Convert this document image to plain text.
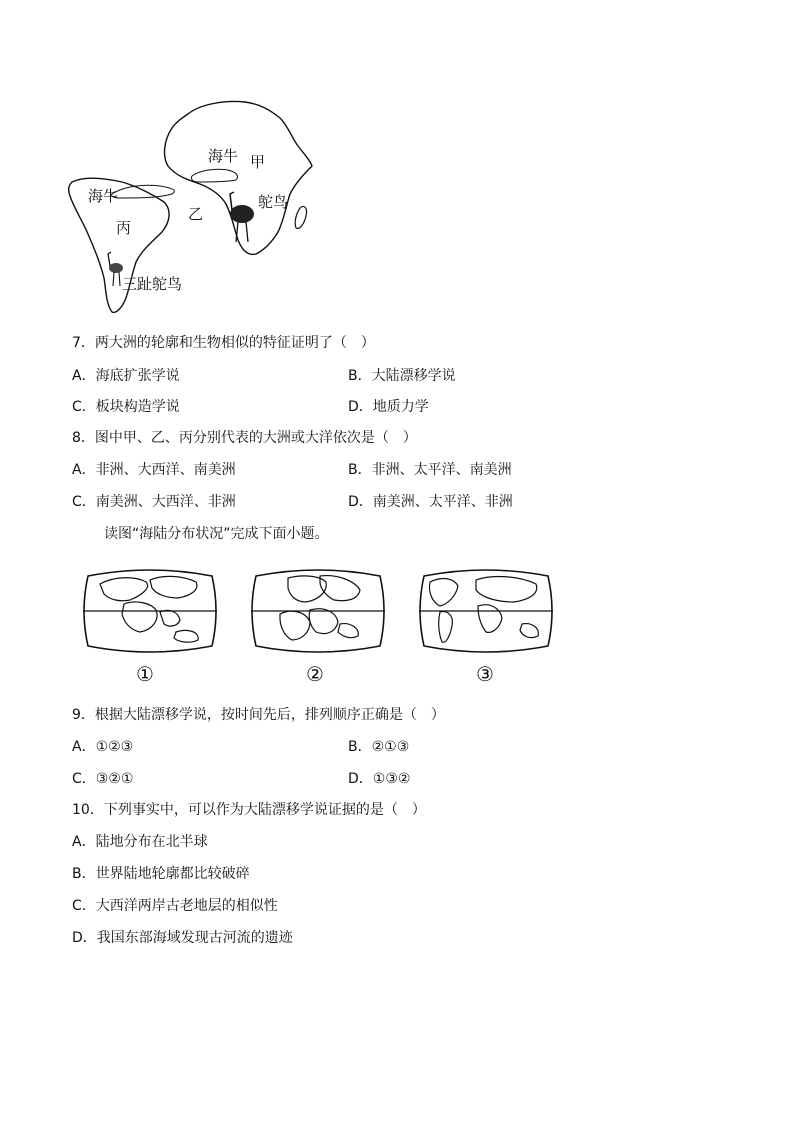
海牛 甲
海牛
乙
丙
鸵鸟
三趾鸵鸟
7．两大洲的轮廓和生物相似的特征证明了（　）
A．海底扩张学说	B．大陆漂移学说
C．板块构造学说	D．地质力学
8．图中甲、乙、丙分别代表的大洲或大洋依次是（　）
A．非洲、大西洋、南美洲	B．非洲、太平洋、南美洲
C．南美洲、大西洋、非洲	D．南美洲、太平洋、非洲
读图“海陆分布状况”完成下面小题。
①	②	③
9．根据大陆漂移学说，按时间先后，排列顺序正确是（　）
A．①②③	B．②①③
C．③②①	D．①③②
10．下列事实中，可以作为大陆漂移学说证据的是（　）
A．陆地分布在北半球
B．世界陆地轮廓都比较破碎
C．大西洋两岸古老地层的相似性
D．我国东部海域发现古河流的遗迹
